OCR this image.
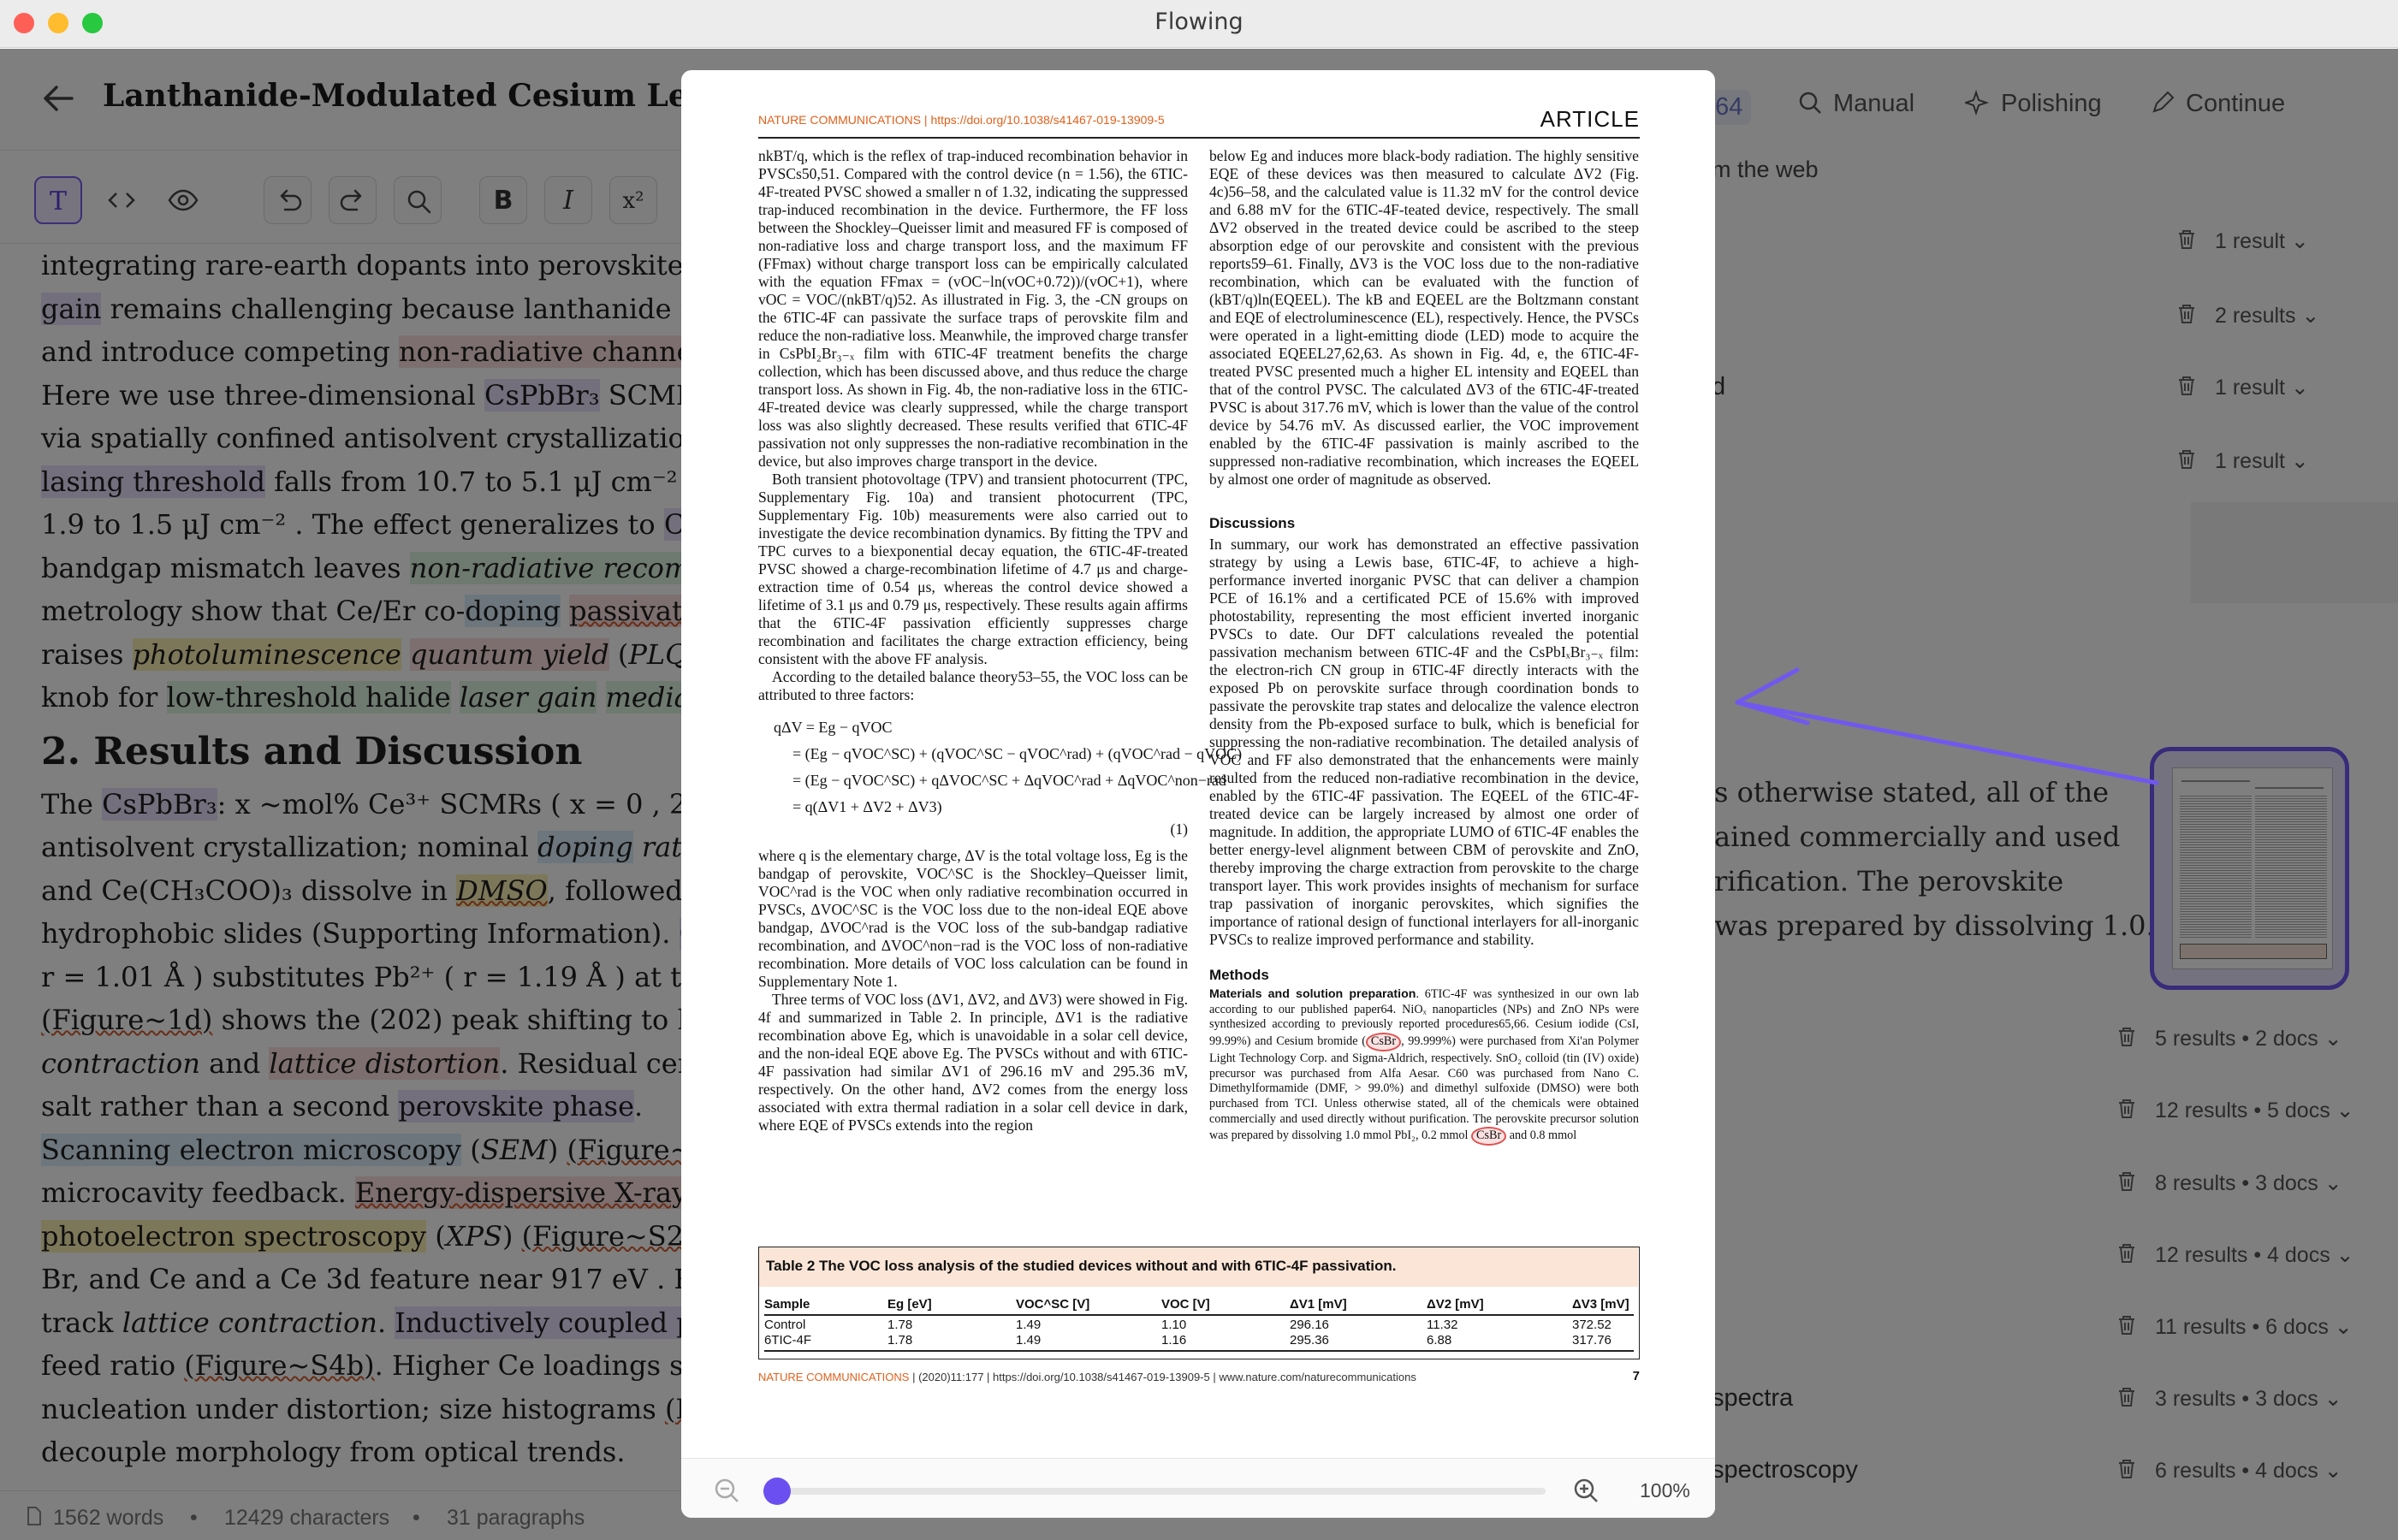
Flowing
NATURE COMMUNICATIONS | https://doi.org/10.1038/s41467-019-13909-5	ARTICLE

nkBT/q, which is the reflex of trap-induced recombination behavior in PVSCs50,51. Compared with the control device (n = 1.56), the 6TIC-4F-treated PVSC showed a smaller n of 1.32, indicating the suppressed trap-induced recombination in the device. Furthermore, the FF loss between the Shockley–Queisser limit and measured FF is composed of non-radiative loss and charge transport loss, and the maximum FF (FFmax) without charge transport loss can be empirically calculated with the equation FFmax = (vOC−ln(vOC+0.72))/(vOC+1), where vOC = VOC/(nkBT/q)52. As illustrated in Fig. 3, the -CN groups on the 6TIC-4F can passivate the surface traps of perovskite film and reduce the non-radiative loss. Meanwhile, the improved charge transfer in CsPbI₂Br₃₋ₓ film with 6TIC-4F treatment benefits the charge collection, which has been discussed above, and thus reduce the charge transport loss. As shown in Fig. 4b, the non-radiative loss in the 6TIC-4F-treated device was clearly suppressed, while the charge transport loss was also slightly decreased. These results verified that 6TIC-4F passivation not only suppresses the non-radiative recombination in the device, but also improves charge transport in the device.

Both transient photovoltage (TPV) and transient photocurrent (TPC, Supplementary Fig. 10a) and transient photocurrent (TPC, Supplementary Fig. 10b) measurements were also carried out to investigate the device recombination dynamics. By fitting the TPV and TPC curves to a biexponential decay equation, the 6TIC-4F-treated PVSC showed a charge-recombination lifetime of 4.7 μs and charge-extraction time of 0.54 μs, whereas the control device showed a lifetime of 3.1 μs and 0.79 μs, respectively. These results again affirms that the 6TIC-4F passivation efficiently suppresses charge recombination and facilitates the charge extraction efficiency, being consistent with the above FF analysis.

According to the detailed balance theory53–55, the VOC loss can be attributed to three factors:

qΔV = Eg − qVOC
= (Eg − qVOC^SC) + (qVOC^SC − qVOC^rad) + (qVOC^rad − qVOC)
= (Eg − qVOC^SC) + qΔVOC^SC + ΔqVOC^rad + ΔqVOC^non−rad
= q(ΔV1 + ΔV2 + ΔV3)
(1)

where q is the elementary charge, ΔV is the total voltage loss, Eg is the bandgap of perovskite, VOC^SC is the Shockley–Queisser limit, VOC^rad is the VOC when only radiative recombination occurred in PVSCs, ΔVOC^SC is the VOC loss due to the non-ideal EQE above bandgap, ΔVOC^rad is the VOC loss of the sub-bandgap radiative recombination, and ΔVOC^non−rad is the VOC loss of non-radiative recombination. More details of VOC loss calculation can be found in Supplementary Note 1.

Three terms of VOC loss (ΔV1, ΔV2, and ΔV3) were showed in Fig. 4f and summarized in Table 2. In principle, ΔV1 is the radiative recombination above Eg, which is unavoidable in a solar cell device, and the non-ideal EQE above Eg. The PVSCs without and with 6TIC-4F passivation had similar ΔV1 of 296.16 mV and 295.36 mV, respectively. On the other hand, ΔV2 comes from the energy loss associated with extra thermal radiation in a solar cell device in dark, where EQE of PVSCs extends into the region

below Eg and induces more black-body radiation. The highly sensitive EQE of these devices was then measured to calculate ΔV2 (Fig. 4c)56–58, and the calculated value is 11.32 mV for the control device and 6.88 mV for the 6TIC-4F-teated device, respectively. The small ΔV2 observed in the treated device could be ascribed to the steep absorption edge of our perovskite and consistent with the previous reports59–61. Finally, ΔV3 is the VOC loss due to the non-radiative recombination, which can be evaluated with the function of (kBT/q)ln(EQEEL). The kB and EQEEL are the Boltzmann constant and EQE of electroluminescence (EL), respectively. Hence, the PVSCs were operated in a light-emitting diode (LED) mode to acquire the associated EQEEL27,62,63. As shown in Fig. 4d, e, the 6TIC-4F-treated PVSC presented much a higher EL intensity and EQEEL than that of the control PVSC. The calculated ΔV3 of the 6TIC-4F-treated PVSC is about 317.76 mV, which is lower than the value of the control device by 54.76 mV. As discussed earlier, the VOC improvement enabled by the 6TIC-4F passivation is mainly ascribed to the suppressed non-radiative recombination, which increases the EQEEL by almost one order of magnitude as observed.

Discussions

In summary, our work has demonstrated an effective passivation strategy by using a Lewis base, 6TIC-4F, to achieve a high-performance inverted inorganic PVSC that can deliver a champion PCE of 16.1% and a certificated PCE of 15.6% with improved photostability, representing the most efficient inverted inorganic PVSCs to date. Our DFT calculations revealed the potential passivation mechanism between 6TIC-4F and the CsPbIₓBr₃₋ₓ film: the electron-rich CN group in 6TIC-4F directly interacts with the exposed Pb on perovskite surface through coordination bonds to passivate the perovskite trap states and delocalize the valence electron density from the Pb-exposed surface to bulk, which is beneficial for suppressing the non-radiative recombination. The detailed analysis of VOC and FF also demonstrated that the enhancements were mainly resulted from the reduced non-radiative recombination in the device, enabled by the 6TIC-4F passivation. The EQEEL of the 6TIC-4F-treated device can be largely increased by almost one order of magnitude. In addition, the appropriate LUMO of 6TIC-4F enables the better energy-level alignment between CBM of perovskite and ZnO, thereby improving the charge extraction from perovskite to the charge transport layer. This work provides insights of mechanism for surface trap passivation of inorganic perovskites, which signifies the importance of rational design of functional interlayers for all-inorganic PVSCs to realize improved performance and stability.

Methods

Materials and solution preparation. 6TIC-4F was synthesized in our own lab according to our published paper64. NiOₓ nanoparticles (NPs) and ZnO NPs were synthesized according to previously reported procedures65,66. Cesium iodide (CsI, 99.99%) and Cesium bromide ( CsBr , 99.999%) were purchased from Xi'an Polymer Light Technology Corp. and Sigma-Aldrich, respectively. SnO₂ colloid (tin (IV) oxide) precursor was purchased from Alfa Aesar. C60 was purchased from Nano C. Dimethylformamide (DMF, > 99.0%) and dimethyl sulfoxide (DMSO) were both purchased from TCI. Unless otherwise stated, all of the chemicals were obtained commercially and used directly without purification. The perovskite precursor solution was prepared by dissolving 1.0 mmol PbI₂, 0.2 mmol CsBr and 0.8 mmol

Table 2 The VOC loss analysis of the studied devices without and with 6TIC-4F passivation.
Sample	Eg [eV]	VOC^SC [V]	VOC [V]	ΔV1 [mV]	ΔV2 [mV]	ΔV3 [mV]
Control	1.78	1.49	1.10	296.16	11.32	372.52
6TIC-4F	1.78	1.49	1.16	295.36	6.88	317.76
NATURE COMMUNICATIONS | (2020)11:177 | https://doi.org/10.1038/s41467-019-13909-5 | www.nature.com/naturecommunications	7
100%
